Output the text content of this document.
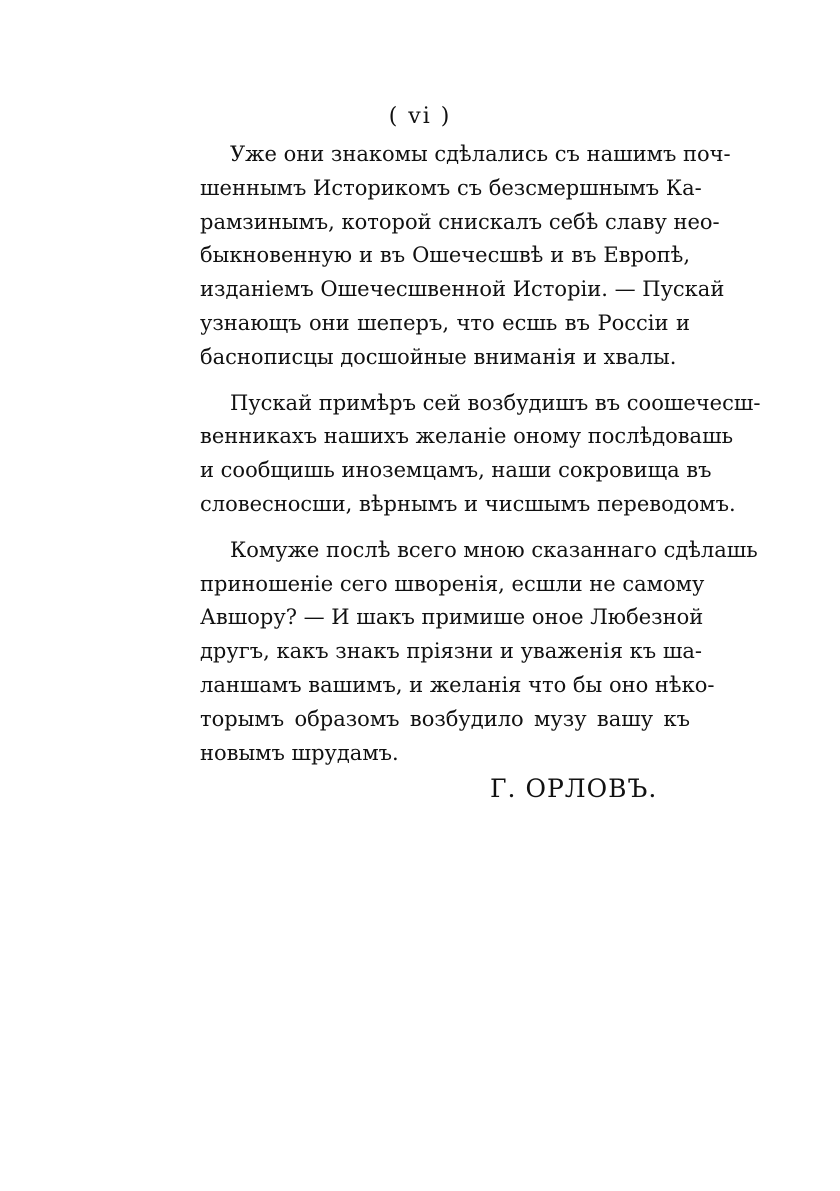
( vi )
Уже они знакомы сдѣлались съ нашимъ поч-
шеннымъ Историкомъ съ безсмершнымъ Ка-
рамзинымъ, которой снискалъ себѣ славу нео-
быкновенную и въ Ошечесшвѣ и въ Европѣ,
изданіемъ Ошечесшвенной Исторіи. — Пускай
узнающъ они шеперъ, что есшь въ Россіи и
баснописцы досшойные вниманія и хвалы.
Пускай примѣръ сей возбудишъ въ соошечесш-
венникахъ нашихъ желаніе оному послѣдовашь
и сообщишь иноземцамъ, наши сокровища въ
словесносши, вѣрнымъ и чисшымъ переводомъ.
Комуже послѣ всего мною сказаннаго сдѣлашь
приношеніе сего шворенія, есшли не самому
Авшору? — И шакъ примише оное Любезной
другъ, какъ знакъ пріязни и уваженія къ ша-
ланшамъ вашимъ, и желанія что бы оно нѣко-
торымъ образомъ возбудило музу вашу къ
новымъ шрудамъ.
Г. ОРЛОВЪ.
